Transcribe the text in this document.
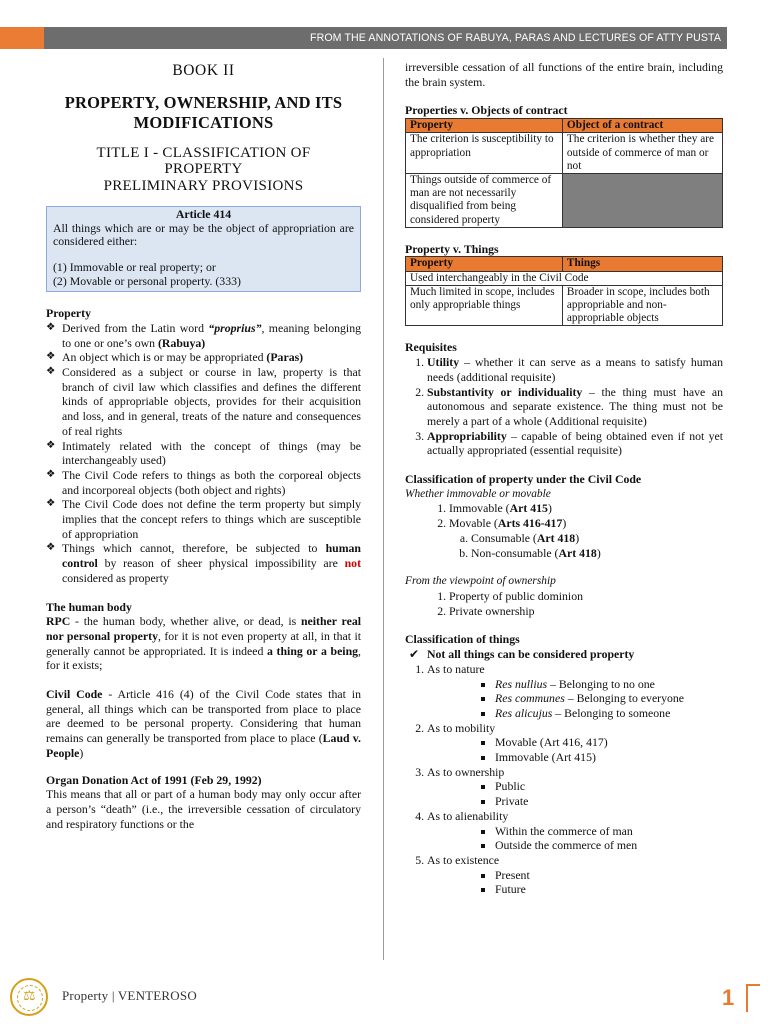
FROM THE ANNOTATIONS OF RABUYA, PARAS AND LECTURES OF ATTY PUSTA
BOOK II
PROPERTY, OWNERSHIP, AND ITS MODIFICATIONS
TITLE I - CLASSIFICATION OF
PROPERTY
PRELIMINARY PROVISIONS
Article 414
All things which are or may be the object of appropriation are considered either:
(1) Immovable or real property; or
(2) Movable or personal property. (333)
Property
❖ Derived from the Latin word “proprius”, meaning belonging to one or one’s own (Rabuya)
❖ An object which is or may be appropriated (Paras)
❖ Considered as a subject or course in law, property is that branch of civil law which classifies and defines the different kinds of appropriable objects, provides for their acquisition and loss, and in general, treats of the nature and consequences of real rights
❖ Intimately related with the concept of things (may be interchangeably used)
❖ The Civil Code refers to things as both the corporeal objects and incorporeal objects (both object and rights)
❖ The Civil Code does not define the term property but simply implies that the concept refers to things which are susceptible of appropriation
❖ Things which cannot, therefore, be subjected to human control by reason of sheer physical impossibility are not considered as property
The human body
RPC - the human body, whether alive, or dead, is neither real nor personal property, for it is not even property at all, in that it generally cannot be appropriated. It is indeed a thing or a being, for it exists;
Civil Code - Article 416 (4) of the Civil Code states that in general, all things which can be transported from place to place are deemed to be personal property. Considering that human remains can generally be transported from place to place (Laud v. People)
Organ Donation Act of 1991 (Feb 29, 1992)
This means that all or part of a human body may only occur after a person’s “death” (i.e., the irreversible cessation of circulatory and respiratory functions or the
irreversible cessation of all functions of the entire brain, including the brain system.
Properties v. Objects of contract
Property	Object of a contract
The criterion is susceptibility to appropriation	The criterion is whether they are outside of commerce of man or not
Things outside of commerce of man are not necessarily disqualified from being considered property	
Property v. Things
Property	Things
Used interchangeably in the Civil Code	
Much limited in scope, includes only appropriable things	Broader in scope, includes both appropriable and non-appropriable objects
Requisites
1. Utility – whether it can serve as a means to satisfy human needs (additional requisite)
2. Substantivity or individuality – the thing must have an autonomous and separate existence. The thing must not be merely a part of a whole (Additional requisite)
3. Appropriability – capable of being obtained even if not yet actually appropriated (essential requisite)
Classification of property under the Civil Code
Whether immovable or movable
1. Immovable (Art 415)
2. Movable (Arts 416-417)
a. Consumable (Art 418)
b. Non-consumable (Art 418)
From the viewpoint of ownership
1. Property of public dominion
2. Private ownership
Classification of things
✔ Not all things can be considered property
1. As to nature
▪ Res nullius – Belonging to no one
▪ Res communes – Belonging to everyone
▪ Res alicujus – Belonging to someone
2. As to mobility
▪ Movable (Art 416, 417)
▪ Immovable (Art 415)
3. As to ownership
▪ Public
▪ Private
4. As to alienability
▪ Within the commerce of man
▪ Outside the commerce of men
5. As to existence
▪ Present
▪ Future
⚖ Property | VENTEROSO	1
